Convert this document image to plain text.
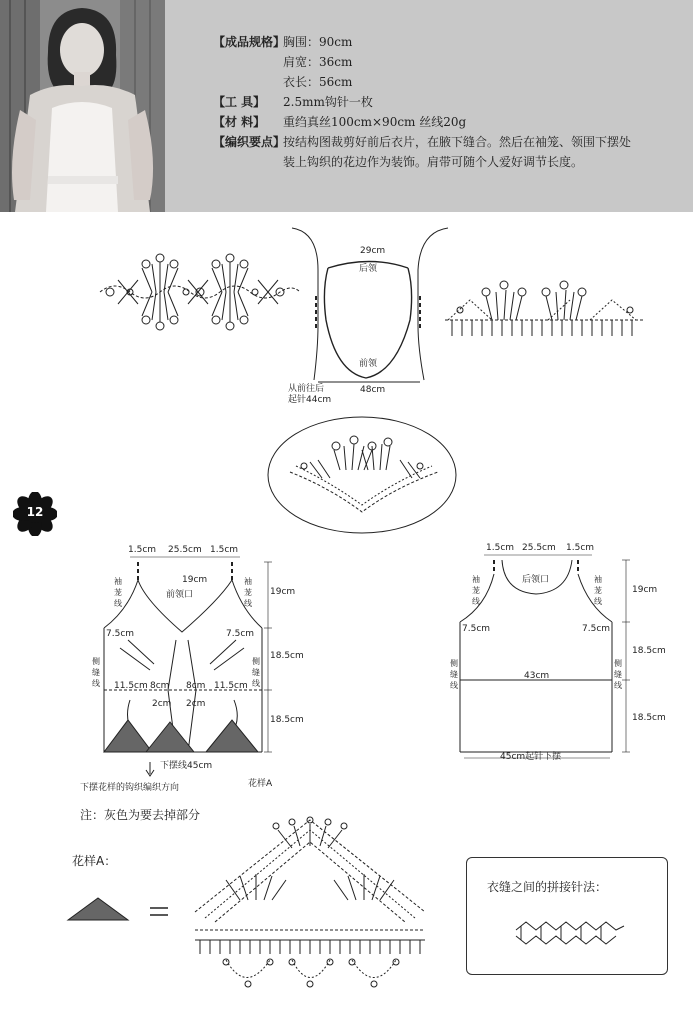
【成品规格】
胸围：90cm
肩宽：36cm
衣长：56cm
【工 具】	2.5mm钩针一枚
【材 料】	重绉真丝100cm×90cm 丝线20g
【编织要点】
按结构图裁剪好前后衣片，在腋下缝合。然后在袖笼、领围下摆处
装上钩织的花边作为装饰。肩带可随个人爱好调节长度。
12
29cm
后领
前领
从前往后
起针44cm
48cm
1.5cm 25.5cm 1.5cm
19cm
前领口
袖茏线
袖茏线
7.5cm	7.5cm
侧缝线
侧缝线
19cm
18.5cm
18.5cm
11.5cm 8cm 8cm 11.5cm
2cm 2cm
下摆线45cm
下摆花样的钩织编织方向	花样A
1.5cm 25.5cm 1.5cm
后领口
袖茏线
袖茏线
7.5cm	7.5cm
侧缝线
侧缝线
43cm
19cm
18.5cm
18.5cm
45cm起针下摆
注：灰色为要去掉部分
花样A：
衣缝之间的拼接针法：
